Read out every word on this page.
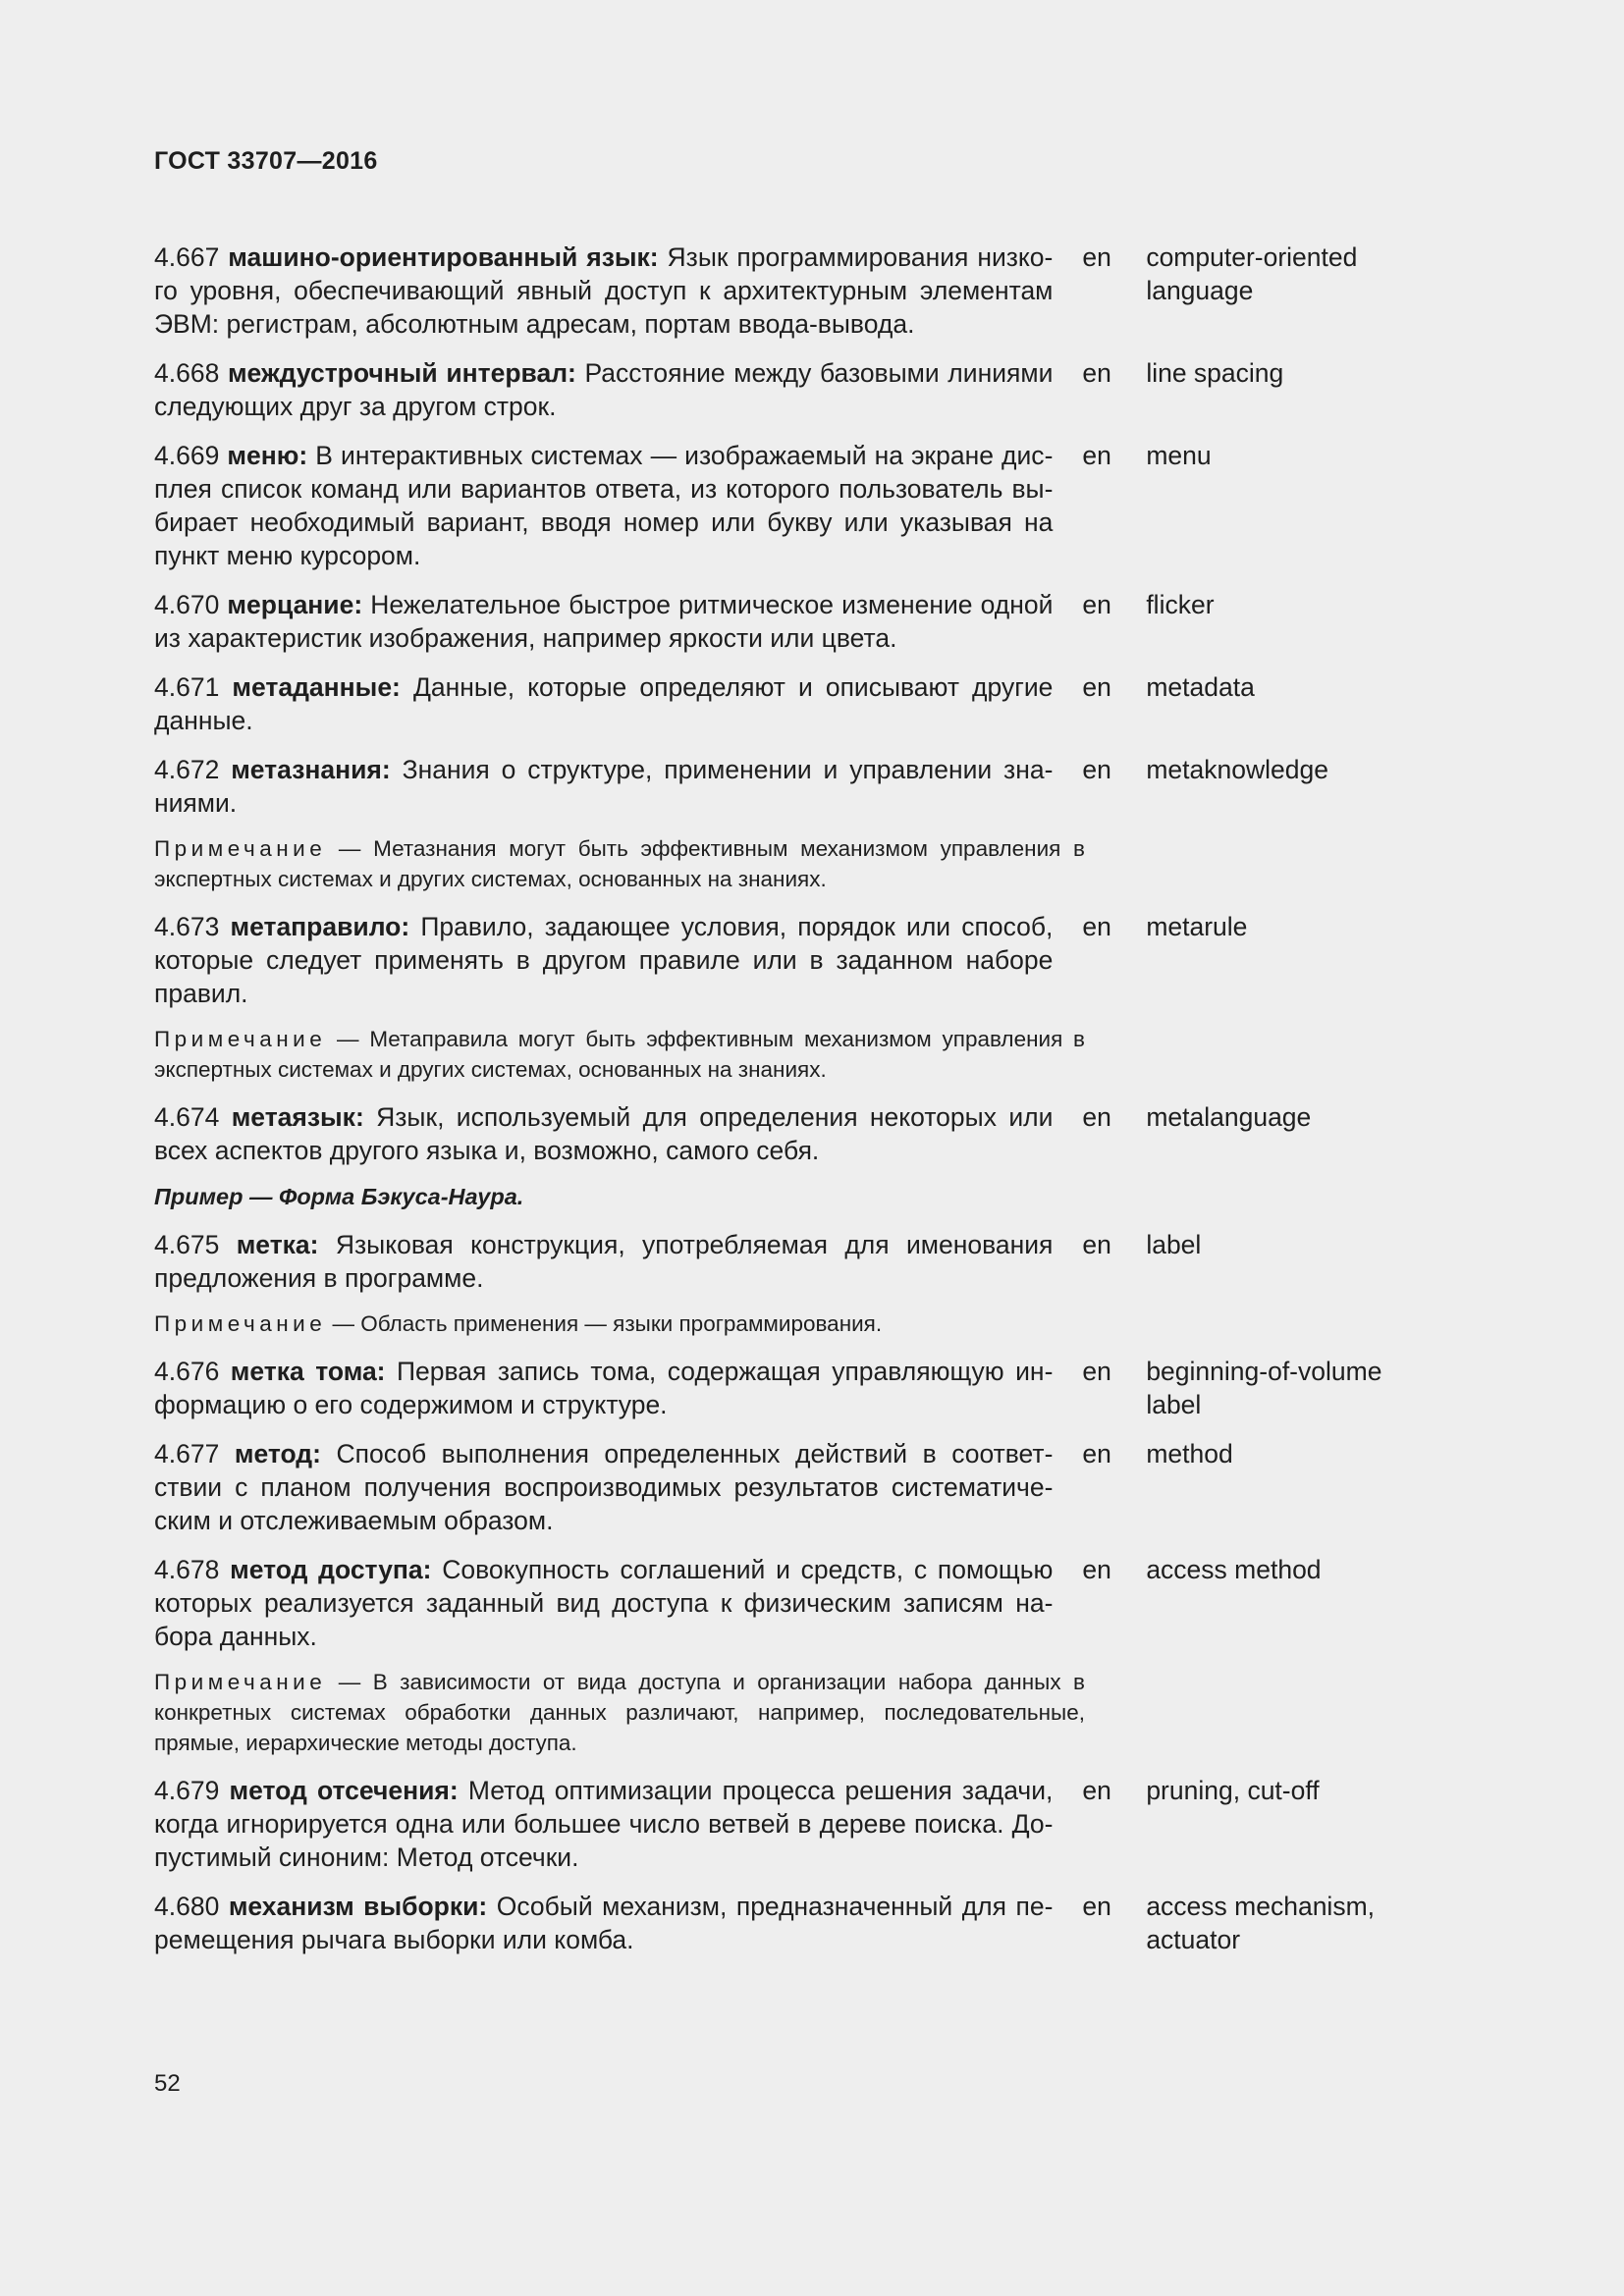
ГОСТ 33707—2016
4.667 машино-ориентированный язык: Язык программирования низкого уровня, обеспечивающий явный доступ к архитектурным элементам ЭВМ: регистрам, абсолютным адресам, портам ввода-вывода.
en computer-oriented language
4.668 междустрочный интервал: Расстояние между базовыми линиями следующих друг за другом строк.
en line spacing
4.669 меню: В интерактивных системах — изображаемый на экране дисплея список команд или вариантов ответа, из которого пользователь выбирает необходимый вариант, вводя номер или букву или указывая на пункт меню курсором.
en menu
4.670 мерцание: Нежелательное быстрое ритмическое изменение одной из характеристик изображения, например яркости или цвета.
en flicker
4.671 метаданные: Данные, которые определяют и описывают другие данные.
en metadata
4.672 метазнания: Знания о структуре, применении и управлении знаниями.
en metaknowledge
Примечание — Метазнания могут быть эффективным механизмом управления в экспертных системах и других системах, основанных на знаниях.
4.673 метаправило: Правило, задающее условия, порядок или способ, которые следует применять в другом правиле или в заданном наборе правил.
en metarule
Примечание — Метаправила могут быть эффективным механизмом управления в экспертных системах и других системах, основанных на знаниях.
4.674 метаязык: Язык, используемый для определения некоторых или всех аспектов другого языка и, возможно, самого себя.
en metalanguage
Пример — Форма Бэкуса-Наура.
4.675 метка: Языковая конструкция, употребляемая для именования предложения в программе.
en label
Примечание — Область применения — языки программирования.
4.676 метка тома: Первая запись тома, содержащая управляющую информацию о его содержимом и структуре.
en beginning-of-volume label
4.677 метод: Способ выполнения определенных действий в соответствии с планом получения воспроизводимых результатов систематическим и отслеживаемым образом.
en method
4.678 метод доступа: Совокупность соглашений и средств, с помощью которых реализуется заданный вид доступа к физическим записям набора данных.
en access method
Примечание — В зависимости от вида доступа и организации набора данных в конкретных системах обработки данных различают, например, последовательные, прямые, иерархические методы доступа.
4.679 метод отсечения: Метод оптимизации процесса решения задачи, когда игнорируется одна или большее число ветвей в дереве поиска. Допустимый синоним: Метод отсечки.
en pruning, cut-off
4.680 механизм выборки: Особый механизм, предназначенный для перемещения рычага выборки или комба.
en access mechanism, actuator
52
